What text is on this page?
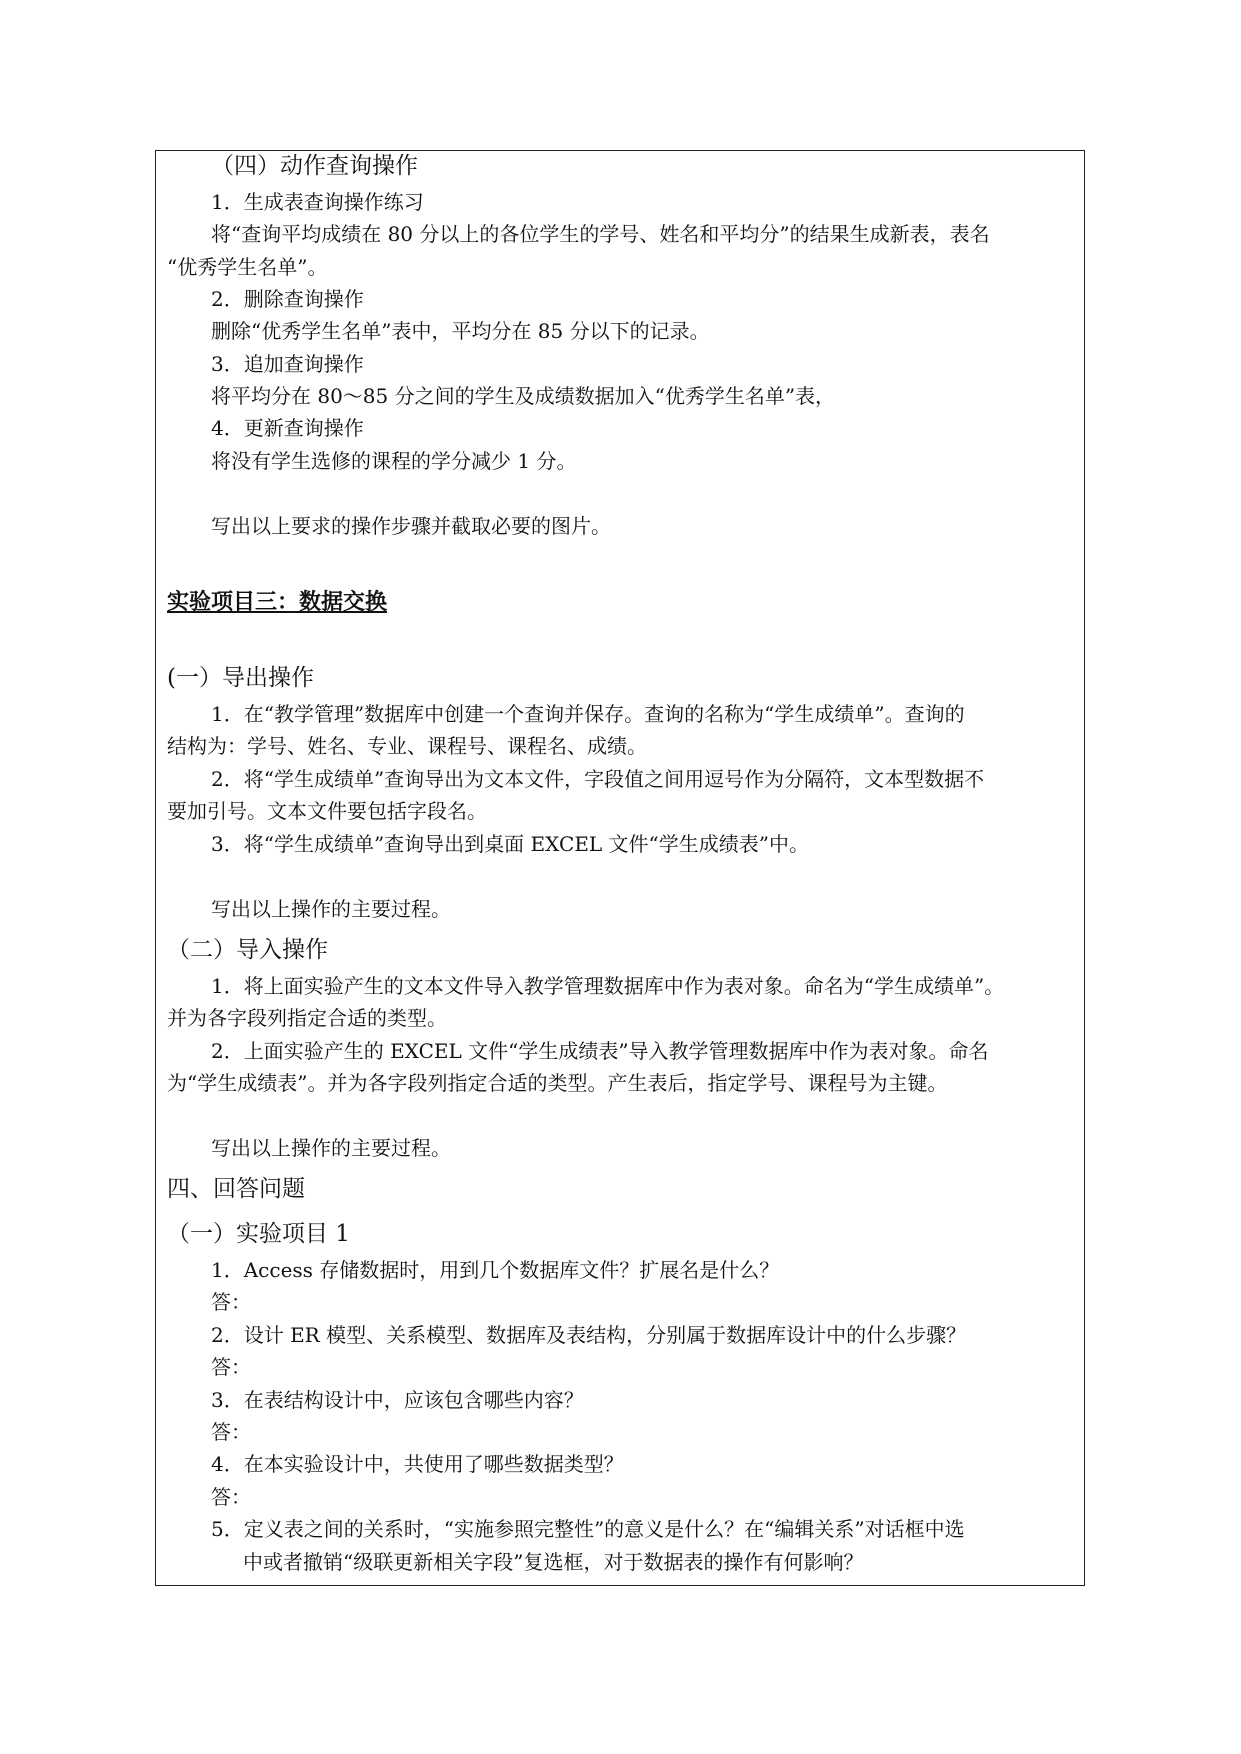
（四）动作查询操作
1．生成表查询操作练习
将“查询平均成绩在 80 分以上的各位学生的学号、姓名和平均分”的结果生成新表，表名
“优秀学生名单”。
2．删除查询操作
删除“优秀学生名单”表中，平均分在 85 分以下的记录。
3．追加查询操作
将平均分在 80～85 分之间的学生及成绩数据加入“优秀学生名单”表，
4．更新查询操作
将没有学生选修的课程的学分减少 1 分。
写出以上要求的操作步骤并截取必要的图片。
实验项目三：数据交换
(一）导出操作
1．在“教学管理”数据库中创建一个查询并保存。查询的名称为“学生成绩单”。查询的
结构为：学号、姓名、专业、课程号、课程名、成绩。
2．将“学生成绩单”查询导出为文本文件，字段值之间用逗号作为分隔符，文本型数据不
要加引号。文本文件要包括字段名。
3．将“学生成绩单”查询导出到桌面 EXCEL 文件“学生成绩表”中。
写出以上操作的主要过程。
（二）导入操作
1．将上面实验产生的文本文件导入教学管理数据库中作为表对象。命名为“学生成绩单”。
并为各字段列指定合适的类型。
2．上面实验产生的 EXCEL 文件“学生成绩表”导入教学管理数据库中作为表对象。命名
为“学生成绩表”。并为各字段列指定合适的类型。产生表后，指定学号、课程号为主键。
写出以上操作的主要过程。
四、回答问题
（一）实验项目 1
1．Access 存储数据时，用到几个数据库文件？扩展名是什么？
答：
2．设计 ER 模型、关系模型、数据库及表结构，分别属于数据库设计中的什么步骤？
答：
3．在表结构设计中，应该包含哪些内容？
答：
4．在本实验设计中，共使用了哪些数据类型？
答：
5．定义表之间的关系时，“实施参照完整性”的意义是什么？在“编辑关系”对话框中选
中或者撤销“级联更新相关字段”复选框，对于数据表的操作有何影响？
